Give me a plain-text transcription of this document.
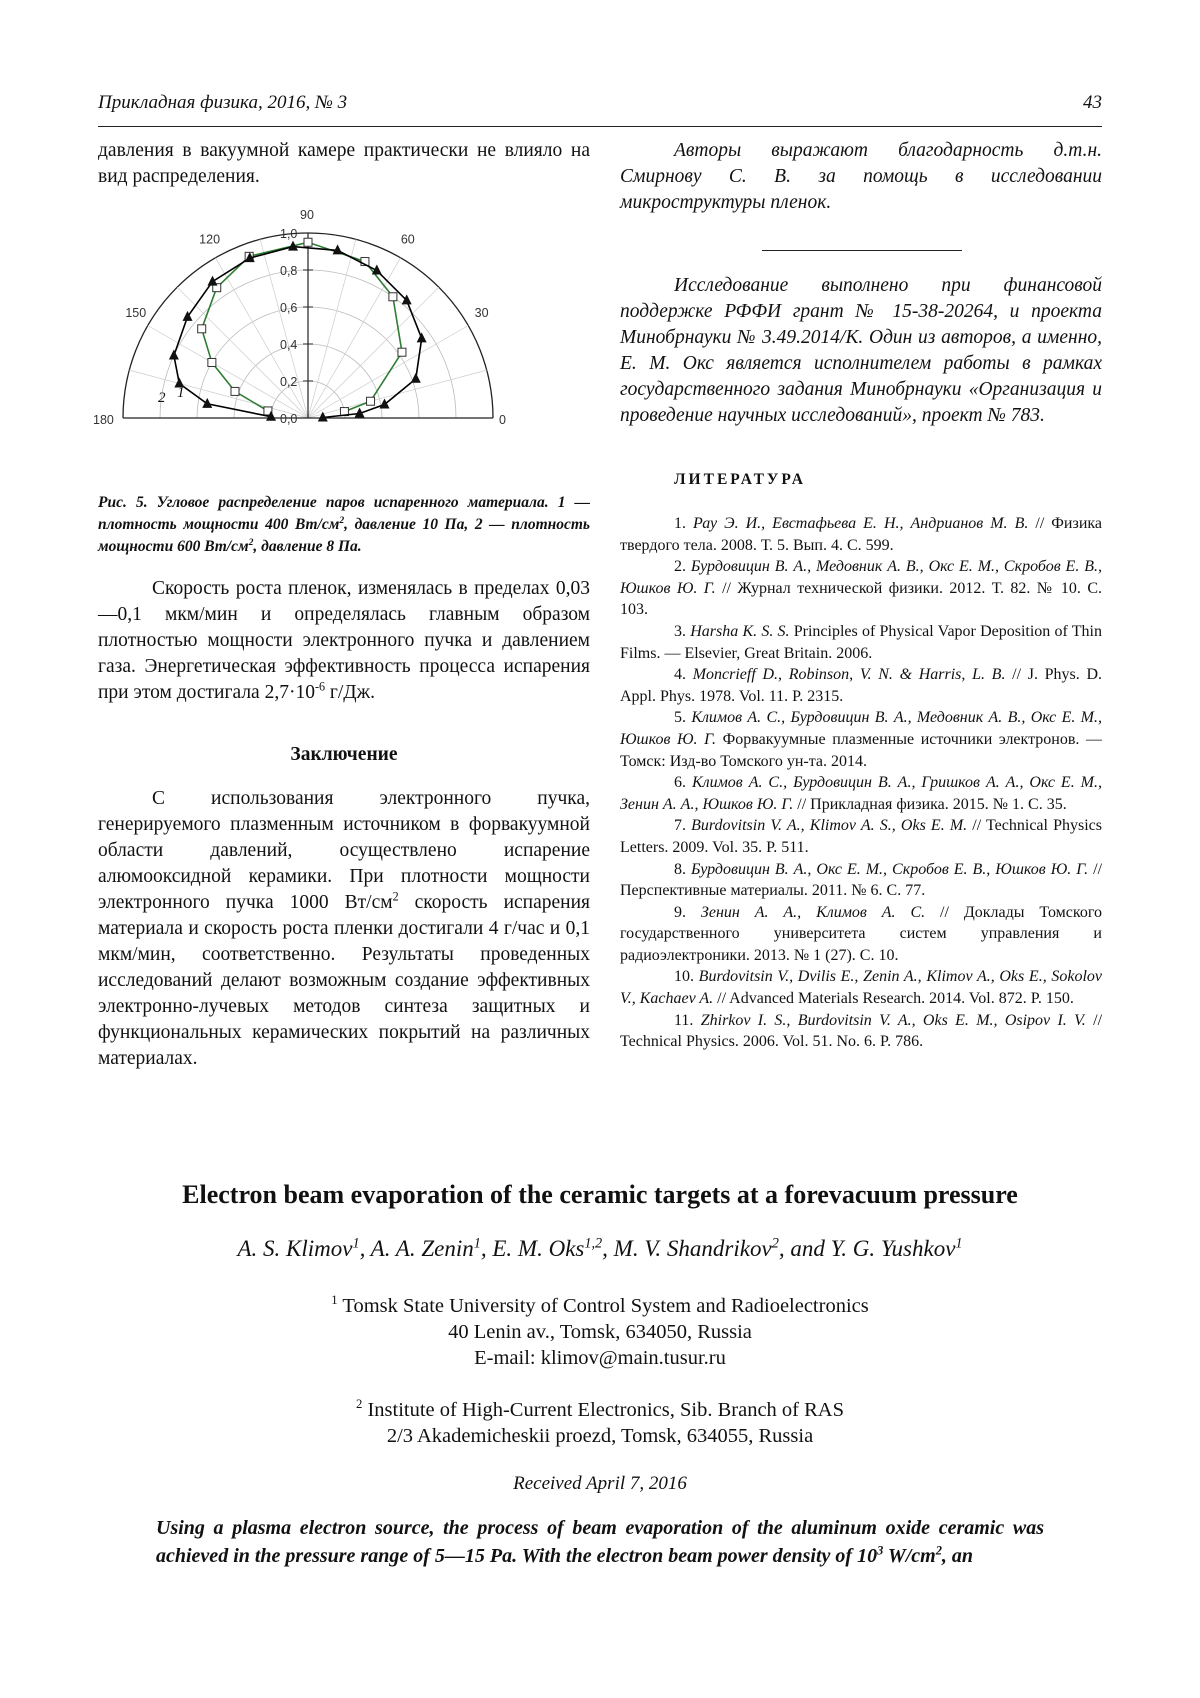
Прикладная физика, 2016, № 3	43

давления в вакуумной камере практически не влияло на вид распределения.

0,0
0,2
0,4
0,6
0,8
1,0
0
30
60
90
120
150
180
1
2

Рис. 5. Угловое распределение паров испаренного материала. 1 — плотность мощности 400 $Вт/см^2$, давление 10 Па, 2 — плотность мощности 600 $Вт/см^2$, давление 8 Па.

Скорость роста пленок, изменялась в пределах 0,03—0,1 мкм/мин и определялась главным образом плотностью мощности электронного пучка и давлением газа. Энергетическая эффективность процесса испарения при этом достигала $2,7\cdot 10^{-6}$ г/Дж.

Заключение

С использования электронного пучка, генерируемого плазменным источником в форвакуумной области давлений, осуществлено испарение алюмооксидной керамики. При плотности мощности электронного пучка 1000 $Вт/см^2$ скорость испарения материала и скорость роста пленки достигали 4 г/час и 0,1 мкм/мин, соответственно. Результаты проведенных исследований делают возможным создание эффективных электронно-лучевых методов синтеза защитных и функциональных керамических покрытий на различных материалах.

Авторы выражают благодарность д.т.н. Смирнову С. В. за помощь в исследовании микроструктуры пленок.

Исследование выполнено при финансовой поддержке РФФИ грант № 15-38-20264, и проекта Минобрнауки № 3.49.2014/К. Один из авторов, а именно, Е. М. Окс является исполнителем работы в рамках государственного задания Минобрнауки «Организация и проведение научных исследований», проект № 783.

ЛИТЕРАТУРА

1. Рау Э. И., Евстафьева Е. Н., Андрианов М. В. // Физика твердого тела. 2008. Т. 5. Вып. 4. С. 599.

2. Бурдовицин В. А., Медовник А. В., Окс Е. М., Скробов Е. В., Юшков Ю. Г. // Журнал технической физики. 2012. Т. 82. № 10. С. 103.

3. Harsha K. S. S. Principles of Physical Vapor Deposition of Thin Films. — Elsevier, Great Britain. 2006.

4. Moncrieff D., Robinson, V. N. & Harris, L. B. // J. Phys. D. Appl. Phys. 1978. Vol. 11. P. 2315.

5. Климов А. С., Бурдовицин В. А., Медовник А. В., Окс Е. М., Юшков Ю. Г. Форвакуумные плазменные источники электронов. — Томск: Изд-во Томского ун-та. 2014.

6. Климов А. С., Бурдовицин В. А., Гришков А. А., Окс Е. М., Зенин А. А., Юшков Ю. Г. // Прикладная физика. 2015. № 1. С. 35.

7. Burdovitsin V. A., Klimov A. S., Oks E. M. // Technical Physics Letters. 2009. Vol. 35. P. 511.

8. Бурдовицин В. А., Окс Е. М., Скробов Е. В., Юшков Ю. Г. // Перспективные материалы. 2011. № 6. С. 77.

9. Зенин А. А., Климов А. С. // Доклады Томского государственного университета систем управления и радиоэлектроники. 2013. № 1 (27). С. 10.

10. Burdovitsin V., Dvilis E., Zenin A., Klimov A., Oks E., Sokolov V., Kachaev A. // Advanced Materials Research. 2014. Vol. 872. P. 150.

11. Zhirkov I. S., Burdovitsin V. A., Oks E. M., Osipov I. V. // Technical Physics. 2006. Vol. 51. No. 6. P. 786.

Electron beam evaporation of the ceramic targets at a forevacuum pressure
A. S. Klimov$^1$, A. A. Zenin$^1$, E. M. Oks$^{1,2}$, M. V. Shandrikov$^2$, and Y. G. Yushkov$^1$
$^1$ Tomsk State University of Control System and Radioelectronics
40 Lenin av., Tomsk, 634050, Russia
E-mail: klimov@main.tusur.ru
$^2$ Institute of High-Current Electronics, Sib. Branch of RAS
2/3 Akademicheskii proezd, Tomsk, 634055, Russia
Received April 7, 2016
Using a plasma electron source, the process of beam evaporation of the aluminum oxide ceramic was achieved in the pressure range of 5—15 Pa. With the electron beam power density of $10^3$ $W/cm^2$, an
